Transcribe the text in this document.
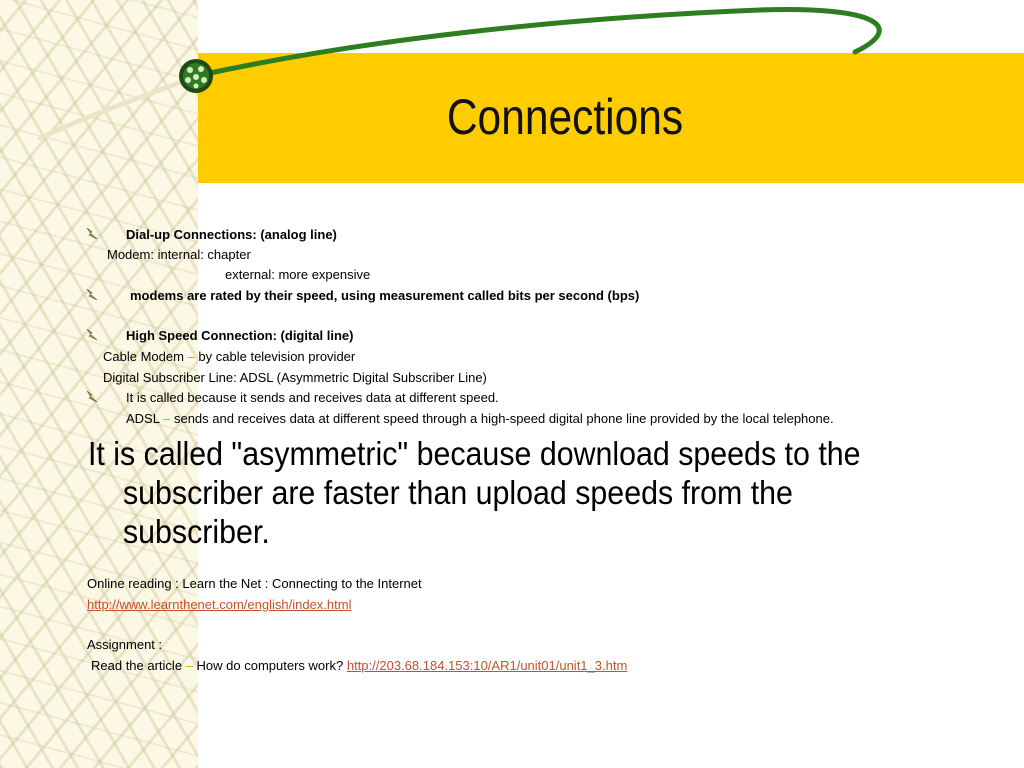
Connections
Dial-up Connections: (analog line)
Modem: internal: chapter
external: more expensive
modems are rated by their speed, using measurement called bits per second (bps)
High Speed Connection: (digital line)
Cable Modem – by cable television provider
Digital Subscriber Line: ADSL (Asymmetric Digital Subscriber Line)
It is called because it sends and receives data at different speed.
ADSL – sends and receives data at different speed through a high-speed digital phone line provided by the local telephone.
It is called "asymmetric" because download speeds to the subscriber are faster than upload speeds from the subscriber.
Online reading : Learn the Net : Connecting to the Internet
http://www.learnthenet.com/english/index.html
Assignment :
Read the article – How do computers work? http://203.68.184.153:10/AR1/unit01/unit1_3.htm
